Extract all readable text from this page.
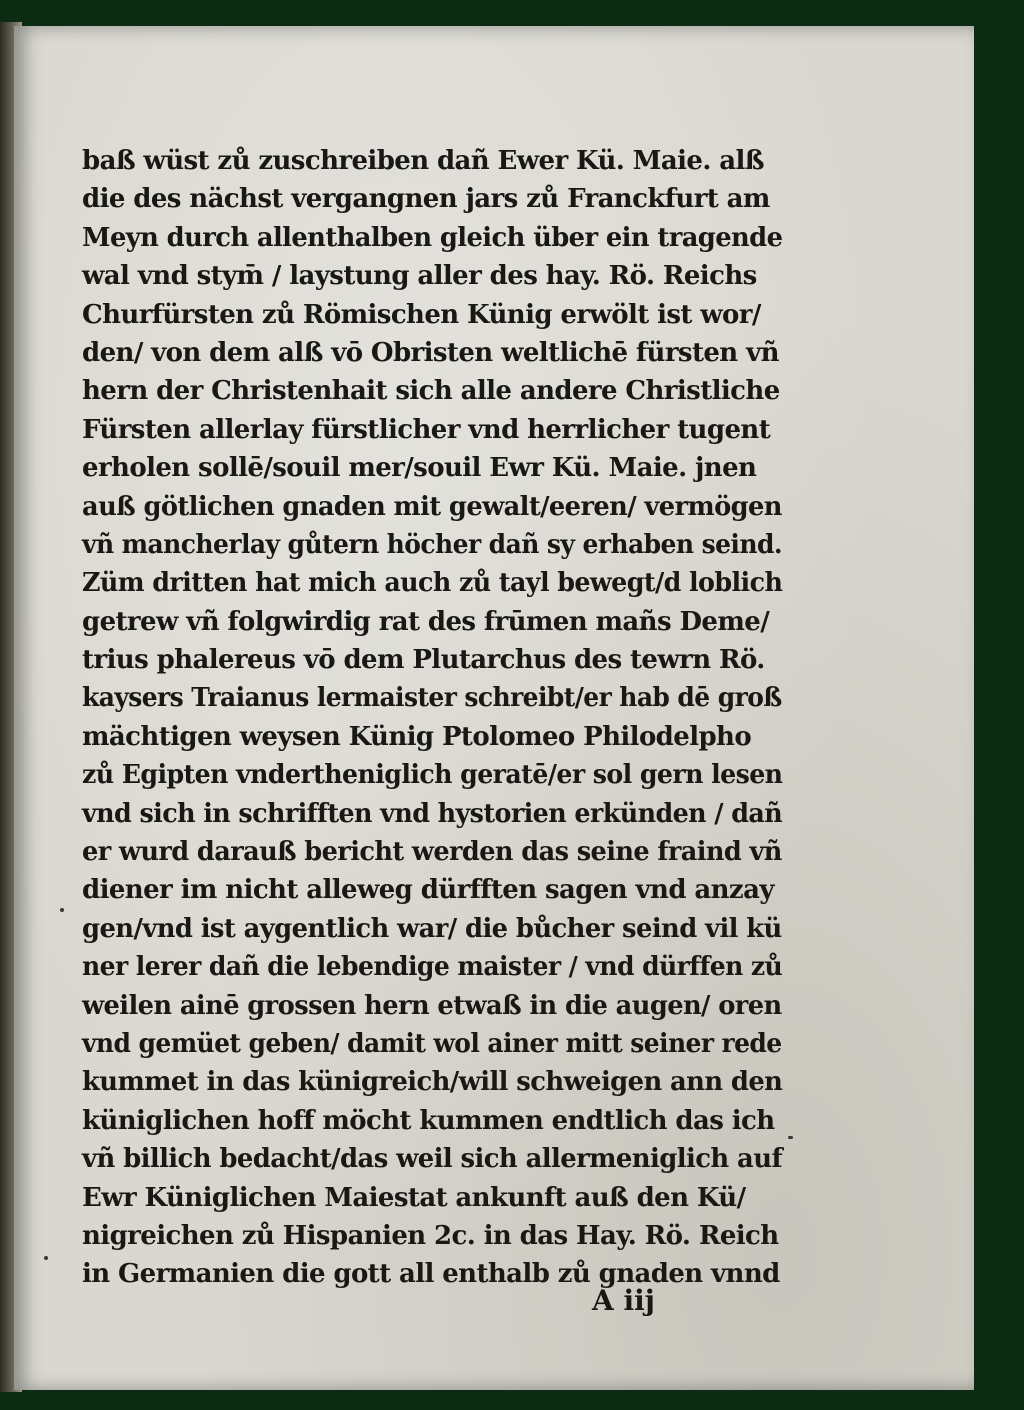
baß wüst zů zuschreiben dañ Ewer Kü. Maie. alß
die des nächst vergangnen jars zů Franckfurt am
Meyn durch allenthalben gleich über ein tragende
wal vnd stym̄ / laystung aller des hay. Rö. Reichs
Churfürsten zů Römischen Künig erwölt ist wor/
den/ von dem alß vō Obristen weltlichē fürsten vñ
hern der Christenhait sich alle andere Christliche
Fürsten allerlay fürstlicher vnd herrlicher tugent
erholen sollē/souil mer/souil Ewr Kü. Maie. jnen
auß götlichen gnaden mit gewalt/eeren/ vermögen
vñ mancherlay gůtern höcher dañ sy erhaben seind.
Züm dritten hat mich auch zů tayl bewegt/d loblich
getrew vñ folgwirdig rat des frūmen mañs Deme/
trius phalereus vō dem Plutarchus des tewrn Rö.
kaysers Traianus lermaister schreibt/er hab dē groß
mächtigen weysen Künig Ptolomeo Philodelpho
zů Egipten vndertheniglich geratē/er sol gern lesen
vnd sich in schrifften vnd hystorien erkünden / dañ
er wurd darauß bericht werden das seine fraind vñ
diener im nicht alleweg dürfften sagen vnd anzay
gen/vnd ist aygentlich war/ die bůcher seind vil kü
ner lerer dañ die lebendige maister / vnd dürffen zů
weilen ainē grossen hern etwaß in die augen/ oren
vnd gemüet geben/ damit wol ainer mitt seiner rede
kummet in das künigreich/will schweigen ann den
küniglichen hoff möcht kummen endtlich das ich
vñ billich bedacht/das weil sich allermeniglich auf
Ewr Küniglichen Maiestat ankunft auß den Kü/
nigreichen zů Hispanien 2c. in das Hay. Rö. Reich
in Germanien die gott all enthalb zů gnaden vnnd
A iij
